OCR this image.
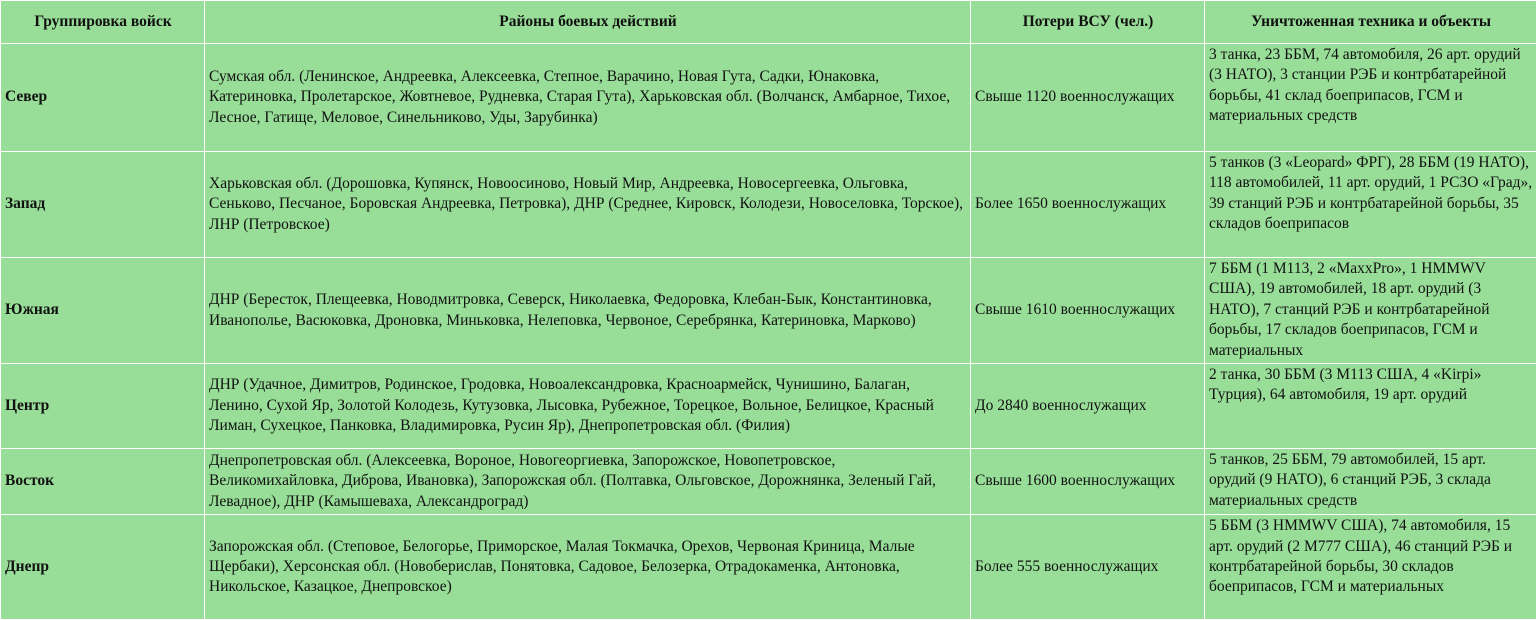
Группировка войск	Районы боевых действий	Потери ВСУ (чел.)	Уничтоженная техника и объекты
Север	Сумская обл. (Ленинское, Андреевка, Алексеевка, Степное, Варачино, Новая Гута, Садки, Юнаковка, Катериновка, Пролетарское, Жовтневое, Рудневка, Старая Гута), Харьковская обл. (Волчанск, Амбарное, Тихое, Лесное, Гатище, Меловое, Синельниково, Уды, Зарубинка)	Свыше 1120 военнослужащих	3 танка, 23 ББМ, 74 автомобиля, 26 арт. орудий (3 НАТО), 3 станции РЭБ и контрбатарейной борьбы, 41 склад боеприпасов, ГСМ и материальных средств
Запад	Харьковская обл. (Дорошовка, Купянск, Новоосиново, Новый Мир, Андреевка, Новосергеевка, Ольговка, Сеньково, Песчаное, Боровская Андреевка, Петровка), ДНР (Среднее, Кировск, Колодези, Новоселовка, Торское), ЛНР (Петровское)	Более 1650 военнослужащих	5 танков (3 «Leopard» ФРГ), 28 ББМ (19 НАТО), 118 автомобилей, 11 арт. орудий, 1 РСЗО «Град», 39 станций РЭБ и контрбатарейной борьбы, 35 складов боеприпасов
Южная	ДНР (Берест​ок, Плещеевка, Новодмитровка, Северск, Николаевка, Федоровка, Клебан-Бык, Константиновка, Иванополье, Васюковка, Дроновка, Миньковка, Нелеповка, Червоное, Серебрянка, Катериновка, Марково)	Свыше 1610 военнослужащих	7 ББМ (1 М113, 2 «MaxxPro», 1 HMMWV США), 19 автомобилей, 18 арт. орудий (3 НАТО), 7 станций РЭБ и контрбатарейной борьбы, 17 складов боеприпасов, ГСМ и материальных
Центр	ДНР (Удачное, Димитров, Родинское, Гродовка, Новоалександровка, Красноармейск, Чунишино, Балаган, Ленино, Сухой Яр, Золотой Колодезь, Кутузовка, Лысовка, Рубежное, Торецкое, Вольное, Белицкое, Красный Лиман, Сухецкое, Панковка, Владимировка, Русин Яр), Днепропетровская обл. (Филия)	До 2840 военнослужащих	2 танка, 30 ББМ (3 М113 США, 4 «Kirpi» Турция), 64 автомобиля, 19 арт. орудий
Восток	Днепропетровская обл. (Алексеевка, Вороное, Новогеоргиевка, Запорожское, Новопетровское, Великомихайловка, Диброва, Ивановка), Запорожская обл. (Полтавка, Ольговское, Дорожнянка, Зеленый Гай, Левадное), ДНР (Камышеваха, Александроград)	Свыше 1600 военнослужащих	5 танков, 25 ББМ, 79 автомобилей, 15 арт. орудий (9 НАТО), 6 станций РЭБ, 3 склада материальных средств
Днепр	Запорожская обл. (Степовое, Белогорье, Приморское, Малая Токмачка, Орехов, Червоная Криница, Малые Щербаки), Херсонская обл. (Новоберислав, Понятовка, Садовое, Белозерка, Отрадокаменка, Антоновка, Никольское, Казацкое, Днепровское)	Более 555 военнослужащих	5 ББМ (3 HMMWV США), 74 автомобиля, 15 арт. орудий (2 М777 США), 46 станций РЭБ и контрбатарейной борьбы, 30 складов боеприпасов, ГСМ и материальных
